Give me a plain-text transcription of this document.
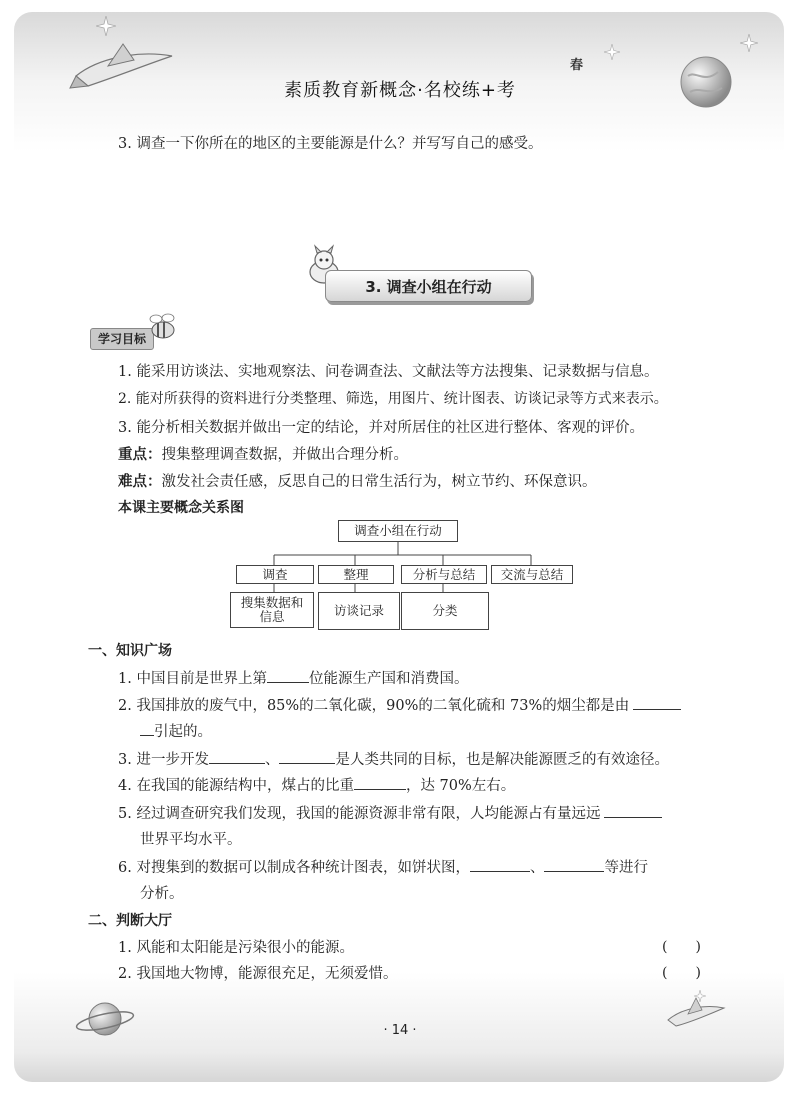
春
素质教育新概念·名校练+考
3. 调查一下你所在的地区的主要能源是什么？并写写自己的感受。
3. 调查小组在行动
学习目标
1. 能采用访谈法、实地观察法、问卷调查法、文献法等方法搜集、记录数据与信息。
2. 能对所获得的资料进行分类整理、筛选，用图片、统计图表、访谈记录等方式来表示。
3. 能分析相关数据并做出一定的结论，并对所居住的社区进行整体、客观的评价。
重点：搜集整理调查数据，并做出合理分析。
难点：激发社会责任感，反思自己的日常生活行为，树立节约、环保意识。
本课主要概念关系图
调查小组在行动
调查	整理	分析与总结	交流与总结
搜集数据和信息	访谈记录	分类
一、知识广场
1. 中国目前是世界上第	位能源生产国和消费国。
2. 我国排放的废气中，85%的二氧化碳，90%的二氧化硫和 73%的烟尘都是由
引起的。
3. 进一步开发	、	是人类共同的目标，也是解决能源匮乏的有效途径。
4. 在我国的能源结构中，煤占的比重	，达 70%左右。
5. 经过调查研究我们发现，我国的能源资源非常有限，人均能源占有量远远
世界平均水平。
6. 对搜集到的数据可以制成各种统计图表，如饼状图，	、	等进行
分析。
二、判断大厅
1. 风能和太阳能是污染很小的能源。	(　　)
2. 我国地大物博，能源很充足，无须爱惜。	(　　)
· 14 ·
